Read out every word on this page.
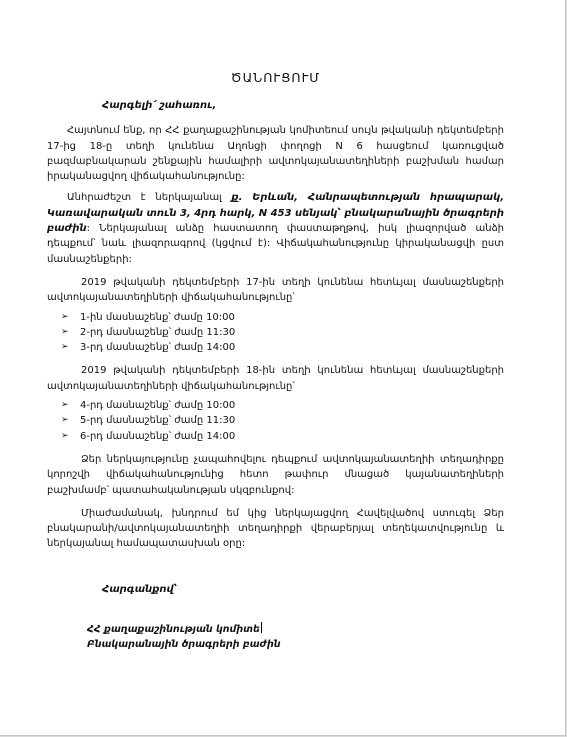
ԾԱՆՈՒՑՈՒՄ
Հարգելի՛ շահառու,

Հայտնում ենք, որ ՀՀ քաղաքաշինության կոմիտեում սույն թվականի դեկտեմբերի 17-ից 18-ը տեղի կունենա Աղոնցի փողոցի N 6 հասցեում կառուցված բազմաբնակարան շենքային համալիրի ավտոկայանատեղիների բաշխման համար իրականացվող վիճակահանությունը:

Անհրաժեշտ է ներկայանալ ք. Երևան, Հանրապետության հրապարակ, Կառավարական տուն 3, 4րդ հարկ, N 453 սենյակ՝ բնակարանային ծրագրերի բաժին: Ներկայանալ անձը հաստատող փաստաթղթով, իսկ լիազորված անձի դեպքում՝ նաև լիազորագրով (կցվում է): Վիճակահանությունը կիրականացվի ըստ մասնաշենքերի:

2019 թվականի դեկտեմբերի 17-ին տեղի կունենա հետևյալ մասնաշենքերի ավտոկայանատեղիների վիճակահանությունը՝

➢ 1-ին մասնաշենք՝ ժամը 10:00
➢ 2-րդ մասնաշենք՝ ժամը 11:30
➢ 3-րդ մասնաշենք՝ ժամը 14:00

2019 թվականի դեկտեմբերի 18-ին տեղի կունենա հետևյալ մասնաշենքերի ավտոկայանատեղիների վիճակահանությունը՝

➢ 4-րդ մասնաշենք՝ ժամը 10:00
➢ 5-րդ մասնաշենք՝ ժամը 11:30
➢ 6-րդ մասնաշենք՝ ժամը 14:00

Ձեր ներկայությունը չապահովելու դեպքում ավտոկայանատեղիի տեղադիրքը կորոշվի վիճակահանությունից հետո թափուր մնացած կայանատեղիների բաշխմամբ՝ պատահականության սկզբունքով:

Միաժամանակ, խնդրում եմ կից ներկայացվող Հավելվածով ստուգել Ձեր բնակարանի/ավտոկայանատեղիի տեղադիրքի վերաբերյալ տեղեկատվությունը և ներկայանալ համապատասխան օրը:

Հարգանքով՝
ՀՀ քաղաքաշինության կոմիտե
Բնակարանային ծրագրերի բաժին
